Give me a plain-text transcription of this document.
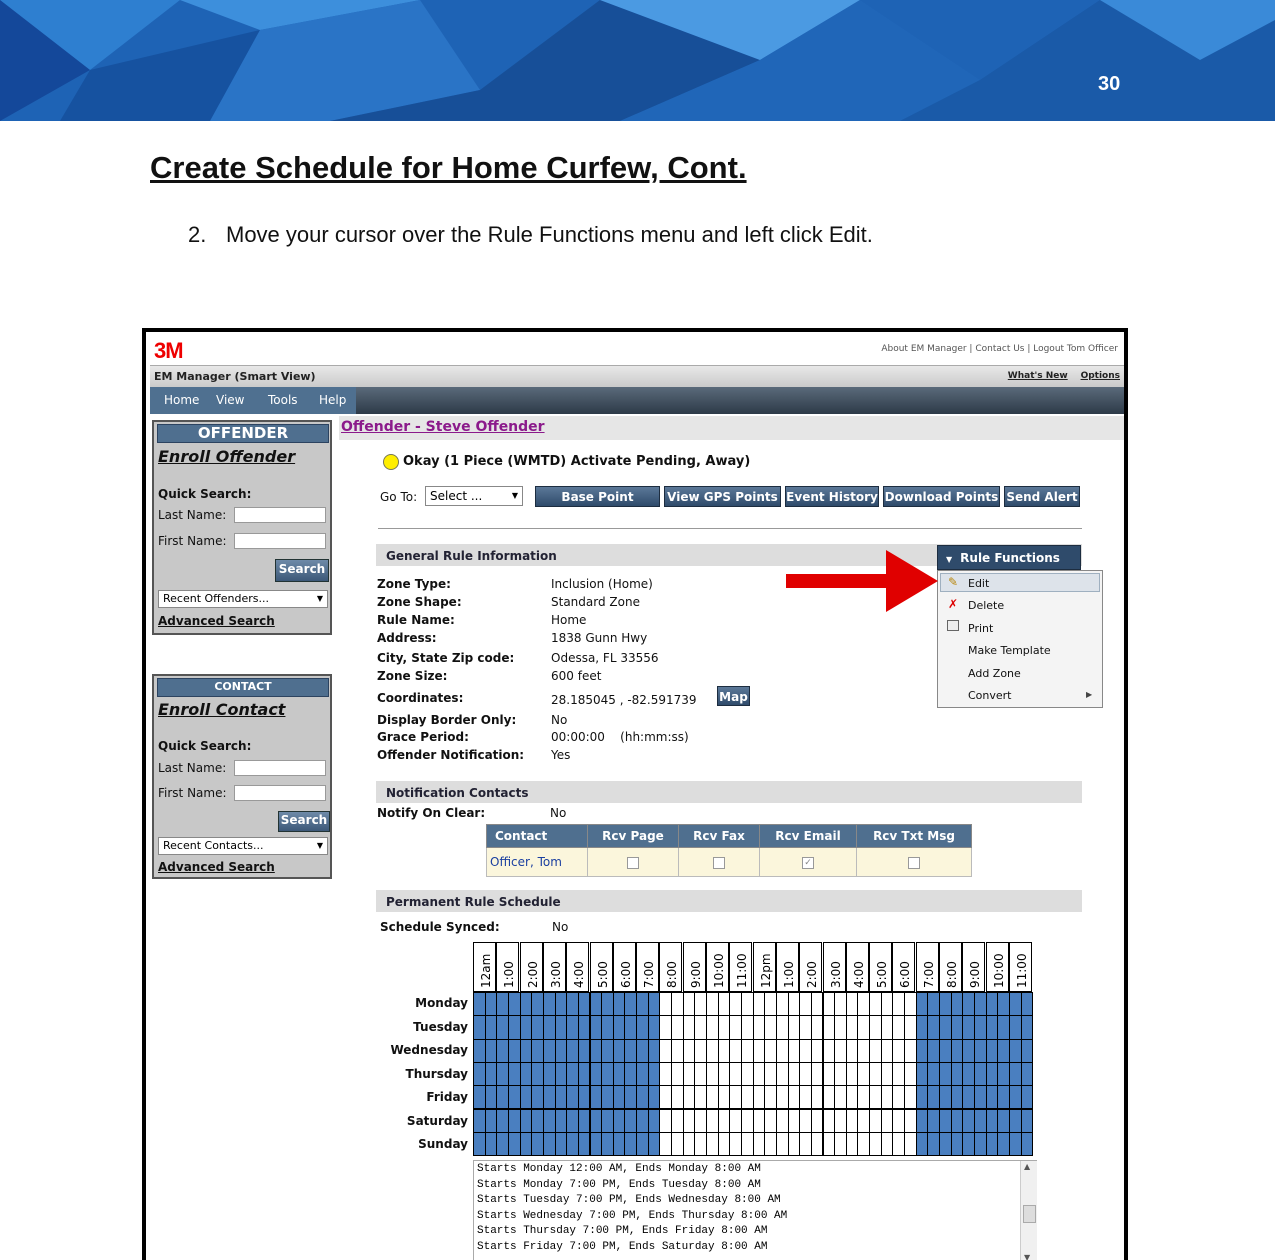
30
Create Schedule for Home Curfew, Cont.
2. Move your cursor over the Rule Functions menu and left click Edit.
3M	About EM Manager | Contact Us | Logout Tom Officer
EM Manager (Smart View)	What's New Options
Home	View	Tools	Help
OFFENDER
Enroll Offender
Quick Search:
Last Name:
First Name:
Search
Recent Offenders...	▼
Advanced Search
CONTACT
Enroll Contact
Quick Search:
Last Name:
First Name:
Search
Recent Contacts...	▼
Advanced Search
Offender - Steve Offender
Okay (1 Piece (WMTD) Activate Pending, Away)
Go To:	Select ...	▼	Base Point History
View GPS Points Event History Download Points Send Alert
General Rule Information
Zone Type:	Inclusion (Home)
Zone Shape:	Standard Zone
Rule Name:	Home
Address:	1838 Gunn Hwy
City, State Zip code:	Odessa, FL 33556
Zone Size:	600 feet
Coordinates:	28.185045 , -82.591739
Display Border Only:	No
Grace Period:	00:00:00    (hh:mm:ss)
Offender Notification: Yes
Map
Notification Contacts
Notify On Clear:	No
Contact	Rcv Page	Rcv Fax	Rcv Email	Rcv Txt Msg
Officer, Tom			✓	
Permanent Rule Schedule
Schedule Synced:	No
Monday
Tuesday
Wednesday
Thursday
Friday
Saturday
Sunday
12am 1:00 2:00 3:00 4:00 5:00 6:00 7:00 8:00 9:00 10:00 11:00 12pm 1:00 2:00 3:00 4:00 5:00 6:00 7:00 8:00 9:00 10:00 11:00
Starts Monday 12:00 AM, Ends Monday 8:00 AM
Starts Monday 7:00 PM, Ends Tuesday 8:00 AM
Starts Tuesday 7:00 PM, Ends Wednesday 8:00 AM
Starts Wednesday 7:00 PM, Ends Thursday 8:00 AM
Starts Thursday 7:00 PM, Ends Friday 8:00 AM
Starts Friday 7:00 PM, Ends Saturday 8:00 AM
▲
▼
▼ Rule Functions
✎ Edit
✗ Delete
Print
Make Template
Add Zone
Convert	▶
